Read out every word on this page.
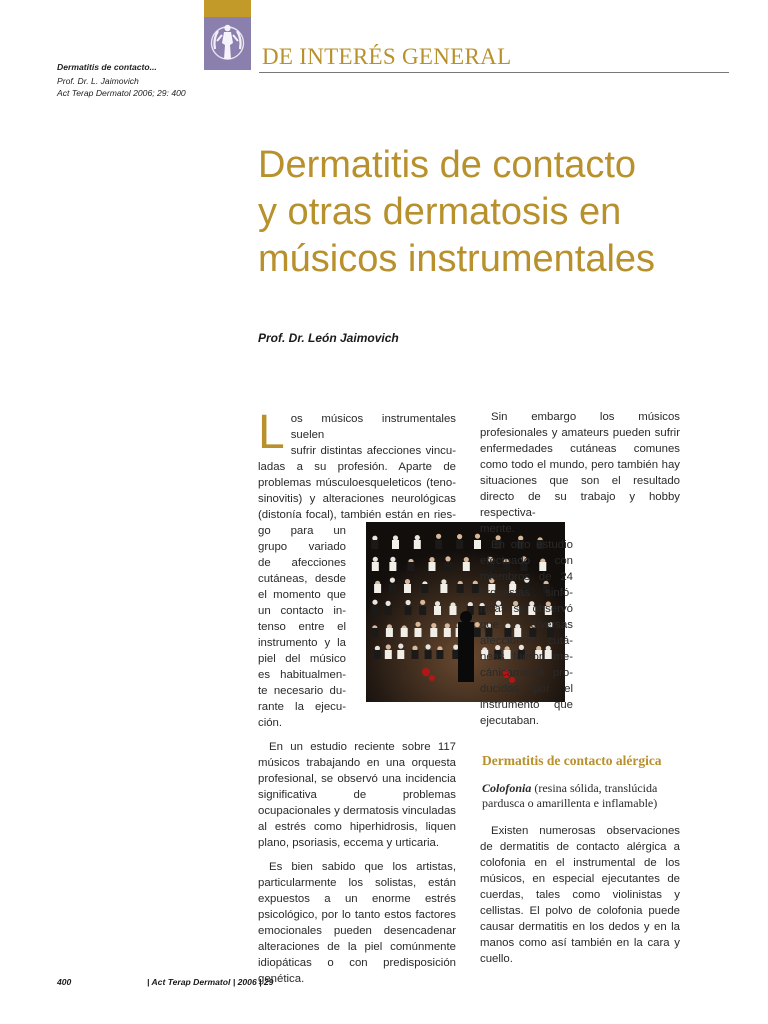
DE INTERÉS GENERAL
Dermatitis de contacto...
Prof. Dr. L. Jaimovich
Act Terap Dermatol 2006; 29: 400
Dermatitis de contacto
y otras dermatosis en
músicos instrumentales
Prof. Dr. León Jaimovich
L os músicos instrumentales suelen

sufrir distintas afecciones vincu-

ladas a su profesión. Aparte de

problemas músculoesqueleticos (teno-

sinovitis) y alteraciones neurológicas

(distonía focal), también están en ries-

go para un

grupo variado

de afecciones

cutáneas, desde

el momento que

un contacto in-

tenso entre el

instrumento y la

piel del músico

es habitualmen-

te necesario du-

rante la ejecu-

ción.

En un estudio reciente sobre 117 músicos trabajando en una orquesta profesional, se observó una incidencia significativa de problemas ocupacionales y dermatosis vinculadas al estrés como hiperhidrosis, liquen plano, psoriasis, eccema y urticaria.

Es bien sabido que los artistas, particularmente los solistas, están expuestos a un enorme estrés psicológico, por lo tanto estos factores emocionales pueden desencadenar alteraciones de la piel comúnmente idiopáticas o con predisposición genética.

Sin embargo los músicos profesionales y amateurs pueden sufrir enfermedades cutáneas comunes como todo el mundo, pero también hay situaciones que son el resultado directo de su trabajo y hobby respectiva-

mente.

En otro estudio

efectuado con

miembros de 24

orquestas sinfó-

nicas se observó

que diversas

afecciones cutá-

neas fueron me-

cánicamente pro-

ducidas por el

instrumento que

ejecutaban.

Dermatitis de contacto alérgica
Colofonia (resina sólida, translúcida pardusca o amarillenta e inflamable)

Existen numerosas observaciones de dermatitis de contacto alérgica a colofonia en el instrumental de los músicos, en especial ejecutantes de cuerdas, tales como violinistas y cellistas. El polvo de colofonia puede causar dermatitis en los dedos y en la manos como así también en la cara y cuello.

400	| Act Terap Dermatol | 2006 | 29
